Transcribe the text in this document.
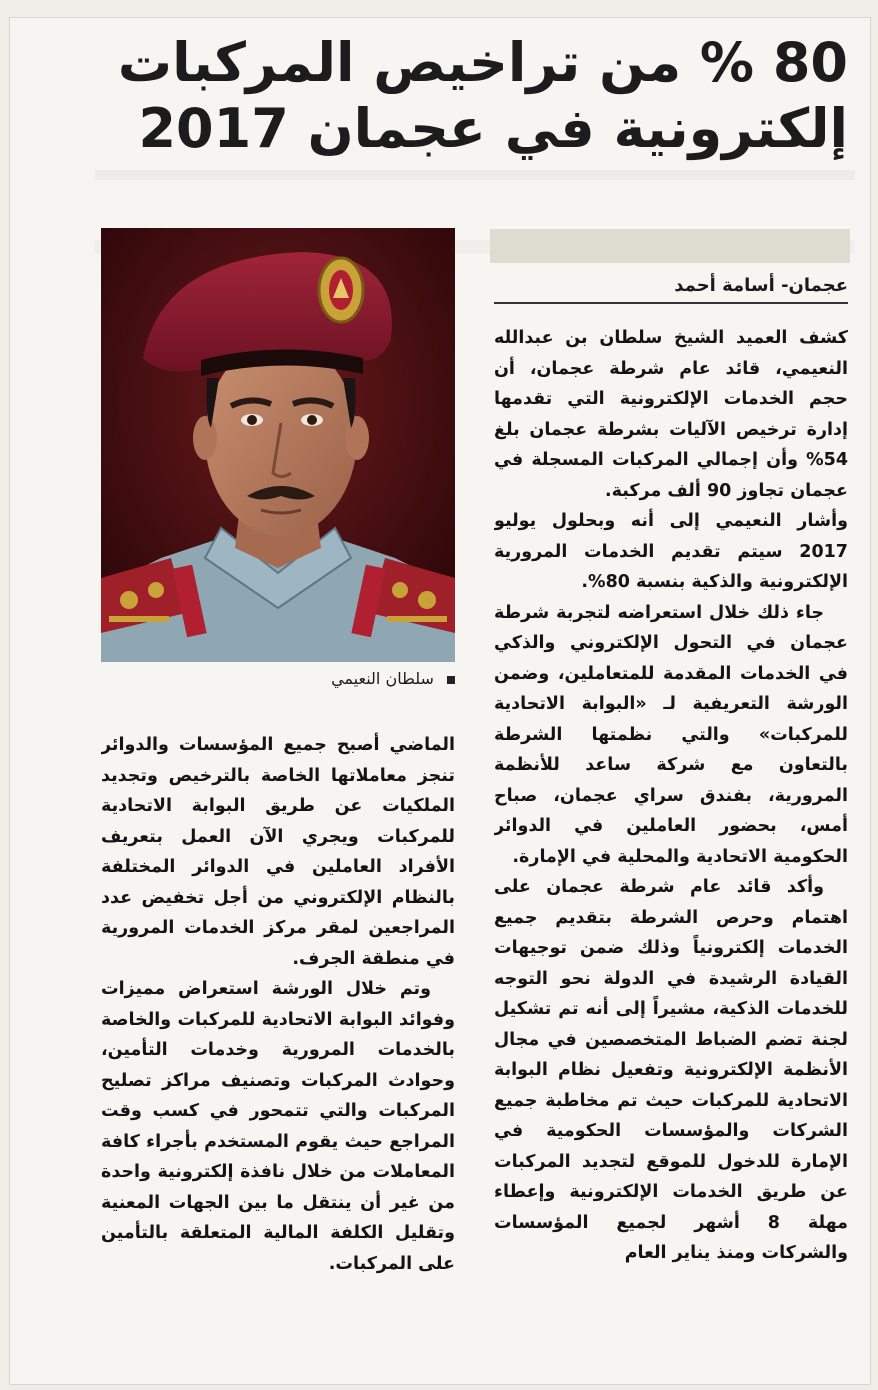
80 % من تراخيص المركبات
إلكترونية في عجمان 2017
عجمان- أسامة أحمد
سلطان النعيمي

كشف العميد الشيخ سلطان بن عبدالله النعيمي، قائد عام شرطة عجمان، أن حجم الخدمات الإلكترونية التي تقدمها إدارة ترخيص الآليات بشرطة عجمان بلغ 54% وأن إجمالي المركبات المسجلة في عجمان تجاوز 90 ألف مركبة.

وأشار النعيمي إلى أنه وبحلول يوليو 2017 سيتم تقديم الخدمات المرورية الإلكترونية والذكية بنسبة 80%.

جاء ذلك خلال استعراضه لتجربة شرطة عجمان في التحول الإلكتروني والذكي في الخدمات المقدمة للمتعاملين، وضمن الورشة التعريفية لـ «البوابة الاتحادية للمركبات» والتي نظمتها الشرطة بالتعاون مع شركة ساعد للأنظمة المرورية، بفندق سراي عجمان، صباح أمس، بحضور العاملين في الدوائر الحكومية الاتحادية والمحلية في الإمارة.

وأكد قائد عام شرطة عجمان على اهتمام وحرص الشرطة بتقديم جميع الخدمات إلكترونياً وذلك ضمن توجيهات القيادة الرشيدة في الدولة نحو التوجه للخدمات الذكية، مشيراً إلى أنه تم تشكيل لجنة تضم الضباط المتخصصين في مجال الأنظمة الإلكترونية وتفعيل نظام البوابة الاتحادية للمركبات حيث تم مخاطبة جميع الشركات والمؤسسات الحكومية في الإمارة للدخول للموقع لتجديد المركبات عن طريق الخدمات الإلكترونية وإعطاء مهلة 8 أشهر لجميع المؤسسات والشركات ومنذ يناير العام

الماضي أصبح جميع المؤسسات والدوائر تنجز معاملاتها الخاصة بالترخيص وتجديد الملكيات عن طريق البوابة الاتحادية للمركبات ويجري الآن العمل بتعريف الأفراد العاملين في الدوائر المختلفة بالنظام الإلكتروني من أجل تخفيض عدد المراجعين لمقر مركز الخدمات المرورية في منطقة الجرف.

وتم خلال الورشة استعراض مميزات وفوائد البوابة الاتحادية للمركبات والخاصة بالخدمات المرورية وخدمات التأمين، وحوادث المركبات وتصنيف مراكز تصليح المركبات والتي تتمحور في كسب وقت المراجع حيث يقوم المستخدم بأجراء كافة المعاملات من خلال نافذة إلكترونية واحدة من غير أن ينتقل ما بين الجهات المعنية وتقليل الكلفة المالية المتعلقة بالتأمين على المركبات.
